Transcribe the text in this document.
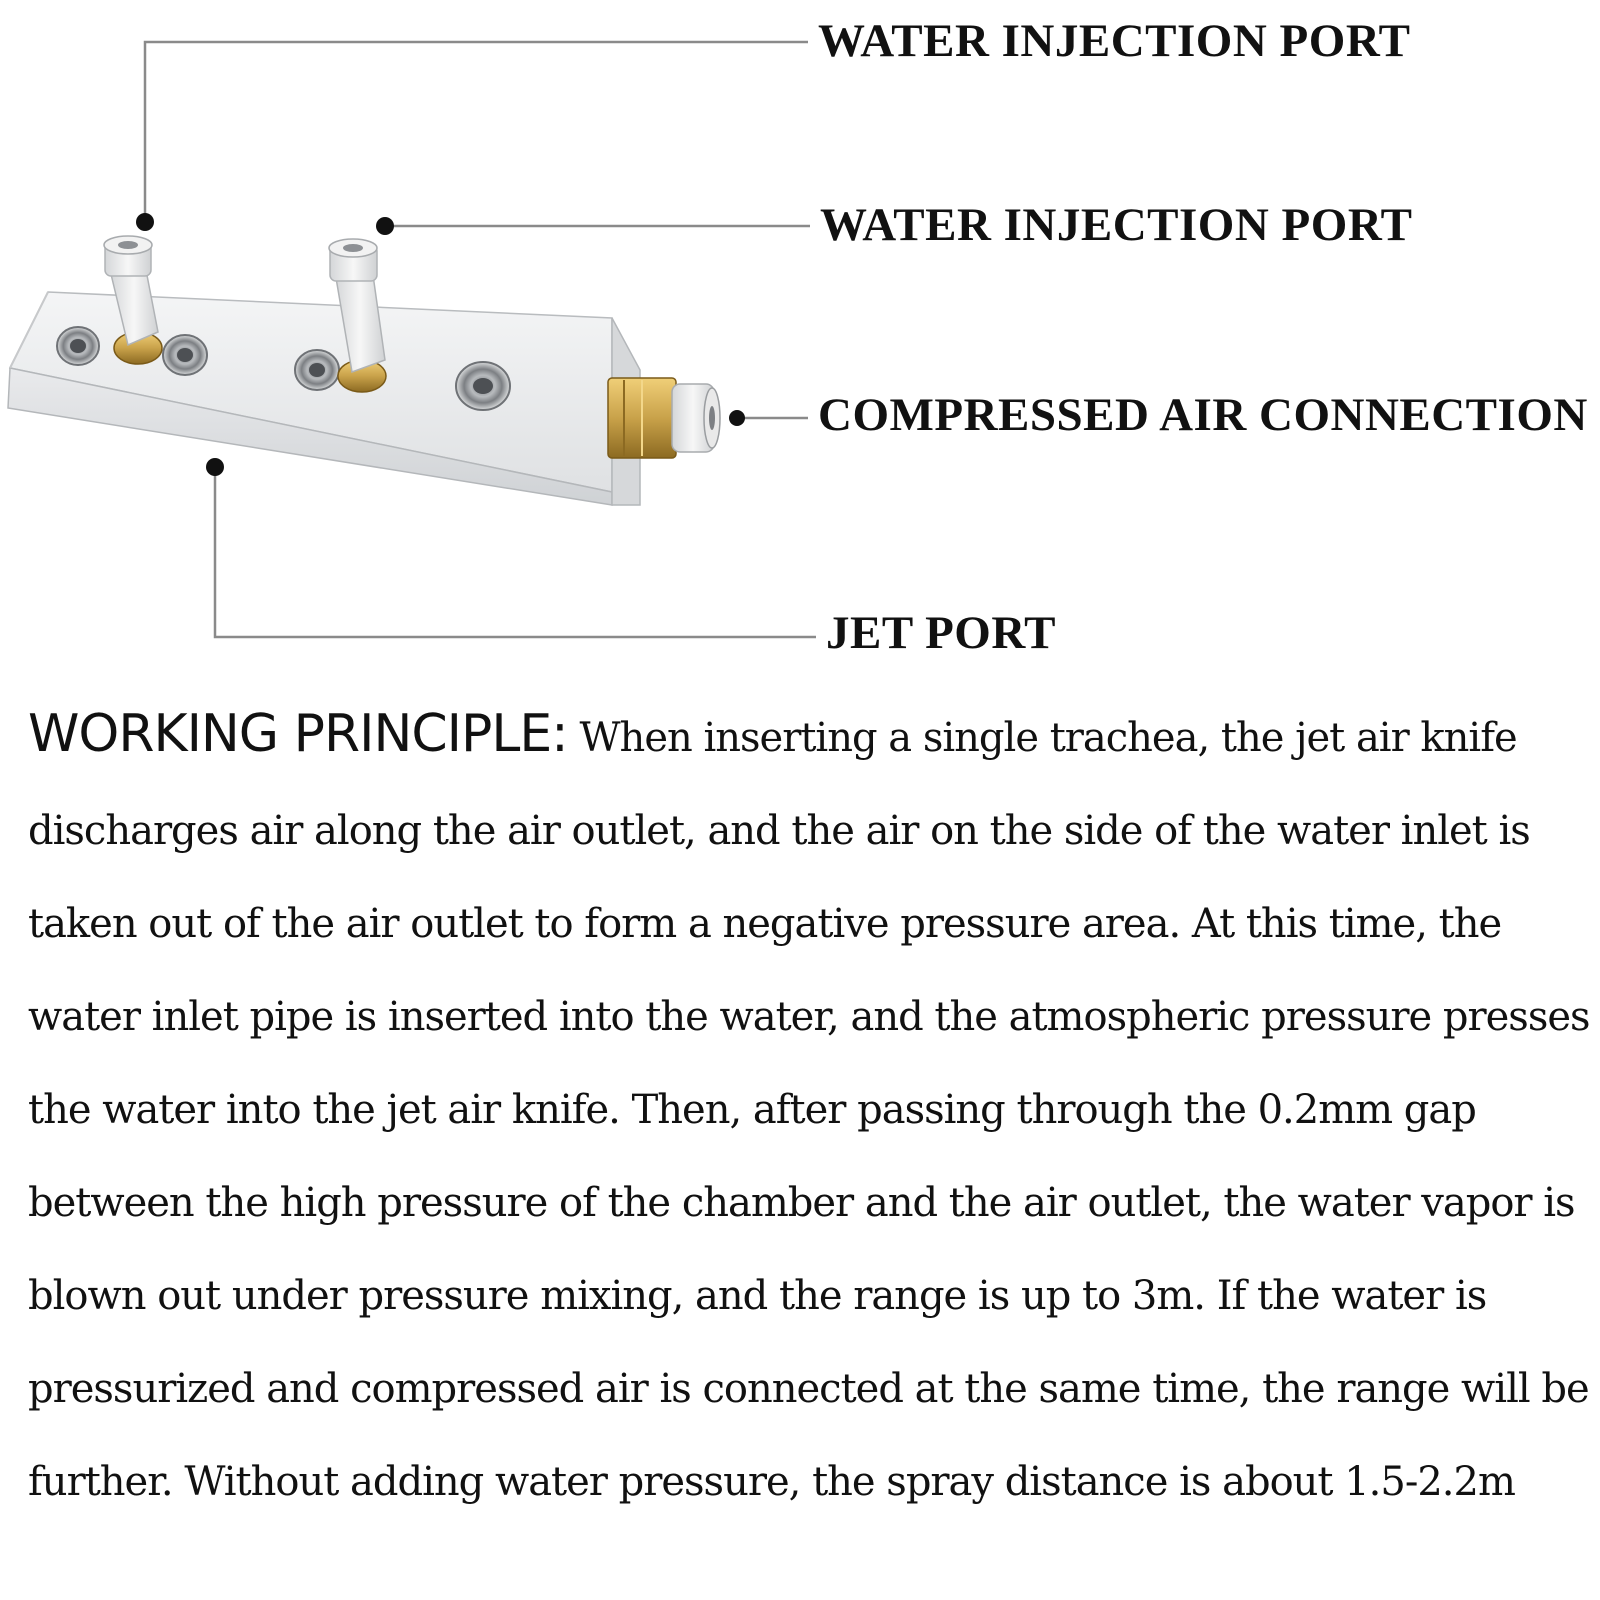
WATER INJECTION PORT

WATER INJECTION PORT

COMPRESSED AIR CONNECTION

JET PORT

WORKING PRINCIPLE: When inserting a single trachea, the jet air knife discharges air along the air outlet, and the air on the side of the water inlet is taken out of the air outlet to form a negative pressure area. At this time, the water inlet pipe is inserted into the water, and the atmospheric pressure presses the water into the jet air knife. Then, after passing through the 0.2mm gap between the high pressure of the chamber and the air outlet, the water vapor is blown out under pressure mixing, and the range is up to 3m. If the water is pressurized and compressed air is connected at the same time, the range will be further. Without adding water pressure, the spray distance is about 1.5-2.2m
